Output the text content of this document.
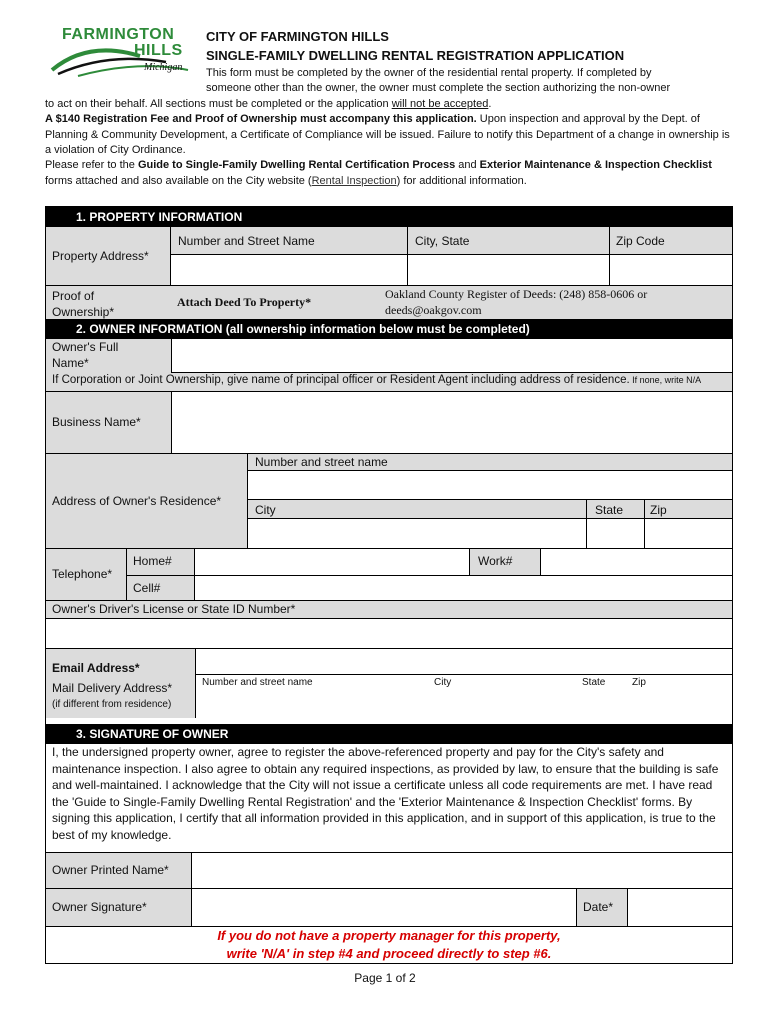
FARMINGTON
HILLS
Michigan
CITY OF FARMINGTON HILLS
SINGLE-FAMILY DWELLING RENTAL REGISTRATION APPLICATION

This form must be completed by the owner of the residential rental property. If completed by

someone other than the owner, the owner must complete the section authorizing the non-owner

to act on their behalf. All sections must be completed or the application will not be accepted.

A $140 Registration Fee and Proof of Ownership must accompany this application. Upon inspection and approval by the Dept. of Planning & Community Development, a Certificate of Compliance will be issued. Failure to notify this Department of a change in ownership is a violation of City Ordinance.

Please refer to the Guide to Single-Family Dwelling Rental Certification Process and Exterior Maintenance & Inspection Checklist forms attached and also available on the City website (Rental Inspection) for additional information.

1. PROPERTY INFORMATION
Property Address*
Number and Street Name	City, State	Zip Code
Proof of
Ownership*
Attach Deed To Property*
Oakland County Register of Deeds: (248) 858-0606 or
deeds@oakgov.com
2. OWNER INFORMATION (all ownership information below must be completed)
Owner's Full
Name*
If Corporation or Joint Ownership, give name of principal officer or Resident Agent including address of residence. If none, write N/A
Business Name*
Address of Owner's Residence*
Number and street name
City	State Zip
Telephone*
Home#	Work#
Cell#
Owner's Driver's License or State ID Number*
Email Address*
Mail Delivery Address*
(if different from residence)
Number and street name	City	State	Zip
3. SIGNATURE OF OWNER
I, the undersigned property owner, agree to register the above-referenced property and pay for the City's safety and maintenance inspection. I also agree to obtain any required inspections, as provided by law, to ensure that the building is safe and well-maintained. I acknowledge that the City will not issue a certificate unless all code requirements are met. I have read the 'Guide to Single-Family Dwelling Rental Registration' and the 'Exterior Maintenance & Inspection Checklist' forms. By signing this application, I certify that all information provided in this application, and in support of this application, is true to the best of my knowledge.
Owner Printed Name*
Owner Signature*	Date*
If you do not have a property manager for this property,
write 'N/A' in step #4 and proceed directly to step #6.
Page 1 of 2
